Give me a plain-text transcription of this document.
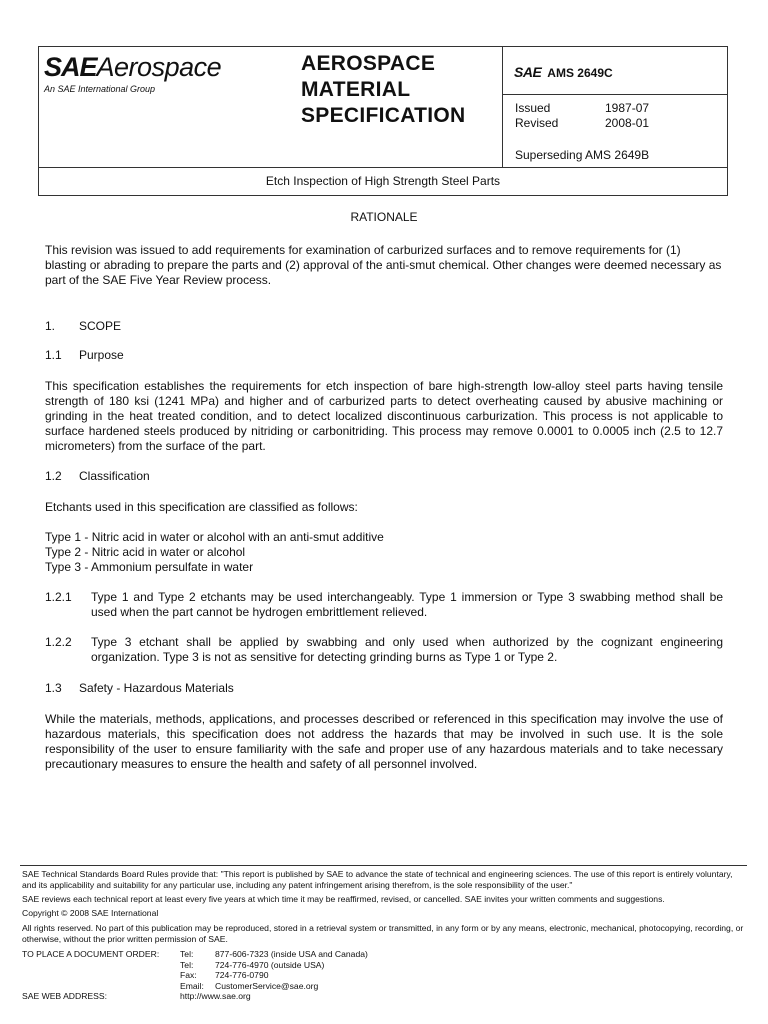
SAEAerospace
An SAE International Group
AEROSPACE
MATERIAL
SPECIFICATION
SAE AMS 2649C
Issued	1987-07
Revised	2008-01
Superseding AMS 2649B
Etch Inspection of High Strength Steel Parts
RATIONALE
This revision was issued to add requirements for examination of carburized surfaces and to remove requirements for (1) blasting or abrading to prepare the parts and (2) approval of the anti-smut chemical. Other changes were deemed necessary as part of the SAE Five Year Review process.
1. SCOPE
1.1 Purpose
This specification establishes the requirements for etch inspection of bare high-strength low-alloy steel parts having tensile strength of 180 ksi (1241 MPa) and higher and of carburized parts to detect overheating caused by abusive machining or grinding in the heat treated condition, and to detect localized discontinuous carburization. This process is not applicable to surface hardened steels produced by nitriding or carbonitriding. This process may remove 0.0001 to 0.0005 inch (2.5 to 12.7 micrometers) from the surface of the part.
1.2 Classification
Etchants used in this specification are classified as follows:
Type 1 - Nitric acid in water or alcohol with an anti-smut additive
Type 2 - Nitric acid in water or alcohol
Type 3 - Ammonium persulfate in water
1.2.1	Type 1 and Type 2 etchants may be used interchangeably. Type 1 immersion or Type 3 swabbing method shall be used when the part cannot be hydrogen embrittlement relieved.
1.2.2	Type 3 etchant shall be applied by swabbing and only used when authorized by the cognizant engineering organization. Type 3 is not as sensitive for detecting grinding burns as Type 1 or Type 2.
1.3 Safety - Hazardous Materials
While the materials, methods, applications, and processes described or referenced in this specification may involve the use of hazardous materials, this specification does not address the hazards that may be involved in such use. It is the sole responsibility of the user to ensure familiarity with the safe and proper use of any hazardous materials and to take necessary precautionary measures to ensure the health and safety of all personnel involved.
SAE Technical Standards Board Rules provide that: "This report is published by SAE to advance the state of technical and engineering sciences. The use of this report is entirely voluntary, and its applicability and suitability for any particular use, including any patent infringement arising therefrom, is the sole responsibility of the user."
SAE reviews each technical report at least every five years at which time it may be reaffirmed, revised, or cancelled. SAE invites your written comments and suggestions.
Copyright © 2008 SAE International
All rights reserved. No part of this publication may be reproduced, stored in a retrieval system or transmitted, in any form or by any means, electronic, mechanical, photocopying, recording, or otherwise, without the prior written permission of SAE.
TO PLACE A DOCUMENT ORDER: Tel:	877-606-7323 (inside USA and Canada)
Tel:	724-776-4970 (outside USA)
Fax: 724-776-0790
Email: CustomerService@sae.org
SAE WEB ADDRESS:	http://www.sae.org
